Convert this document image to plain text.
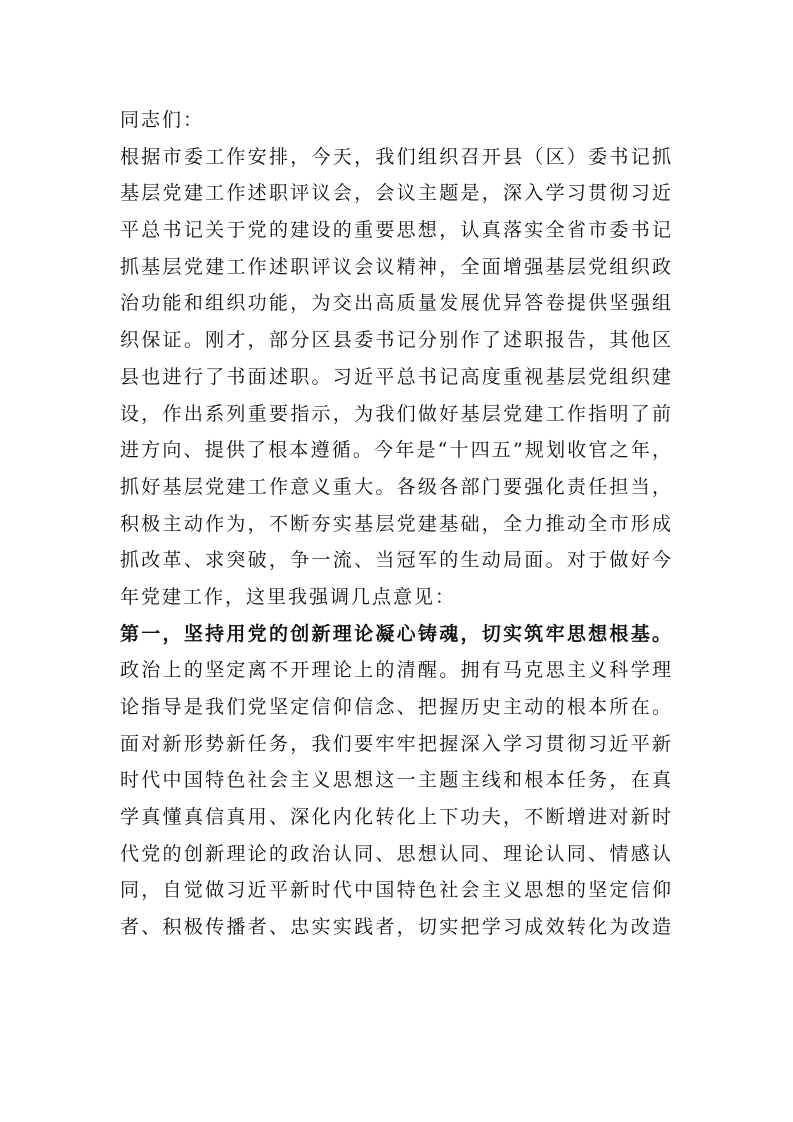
同志们：
根据市委工作安排，今天，我们组织召开县（区）委书记抓
基层党建工作述职评议会，会议主题是，深入学习贯彻习近
平总书记关于党的建设的重要思想，认真落实全省市委书记
抓基层党建工作述职评议会议精神，全面增强基层党组织政
治功能和组织功能，为交出高质量发展优异答卷提供坚强组
织保证。刚才，部分区县委书记分别作了述职报告，其他区
县也进行了书面述职。习近平总书记高度重视基层党组织建
设，作出系列重要指示，为我们做好基层党建工作指明了前
进方向、提供了根本遵循。今年是“十四五”规划收官之年，
抓好基层党建工作意义重大。各级各部门要强化责任担当，
积极主动作为，不断夯实基层党建基础，全力推动全市形成
抓改革、求突破，争一流、当冠军的生动局面。对于做好今
年党建工作，这里我强调几点意见：
第一，坚持用党的创新理论凝心铸魂，切实筑牢思想根基。
政治上的坚定离不开理论上的清醒。拥有马克思主义科学理
论指导是我们党坚定信仰信念、把握历史主动的根本所在。
面对新形势新任务，我们要牢牢把握深入学习贯彻习近平新
时代中国特色社会主义思想这一主题主线和根本任务，在真
学真懂真信真用、深化内化转化上下功夫，不断增进对新时
代党的创新理论的政治认同、思想认同、理论认同、情感认
同，自觉做习近平新时代中国特色社会主义思想的坚定信仰
者、积极传播者、忠实实践者，切实把学习成效转化为改造
